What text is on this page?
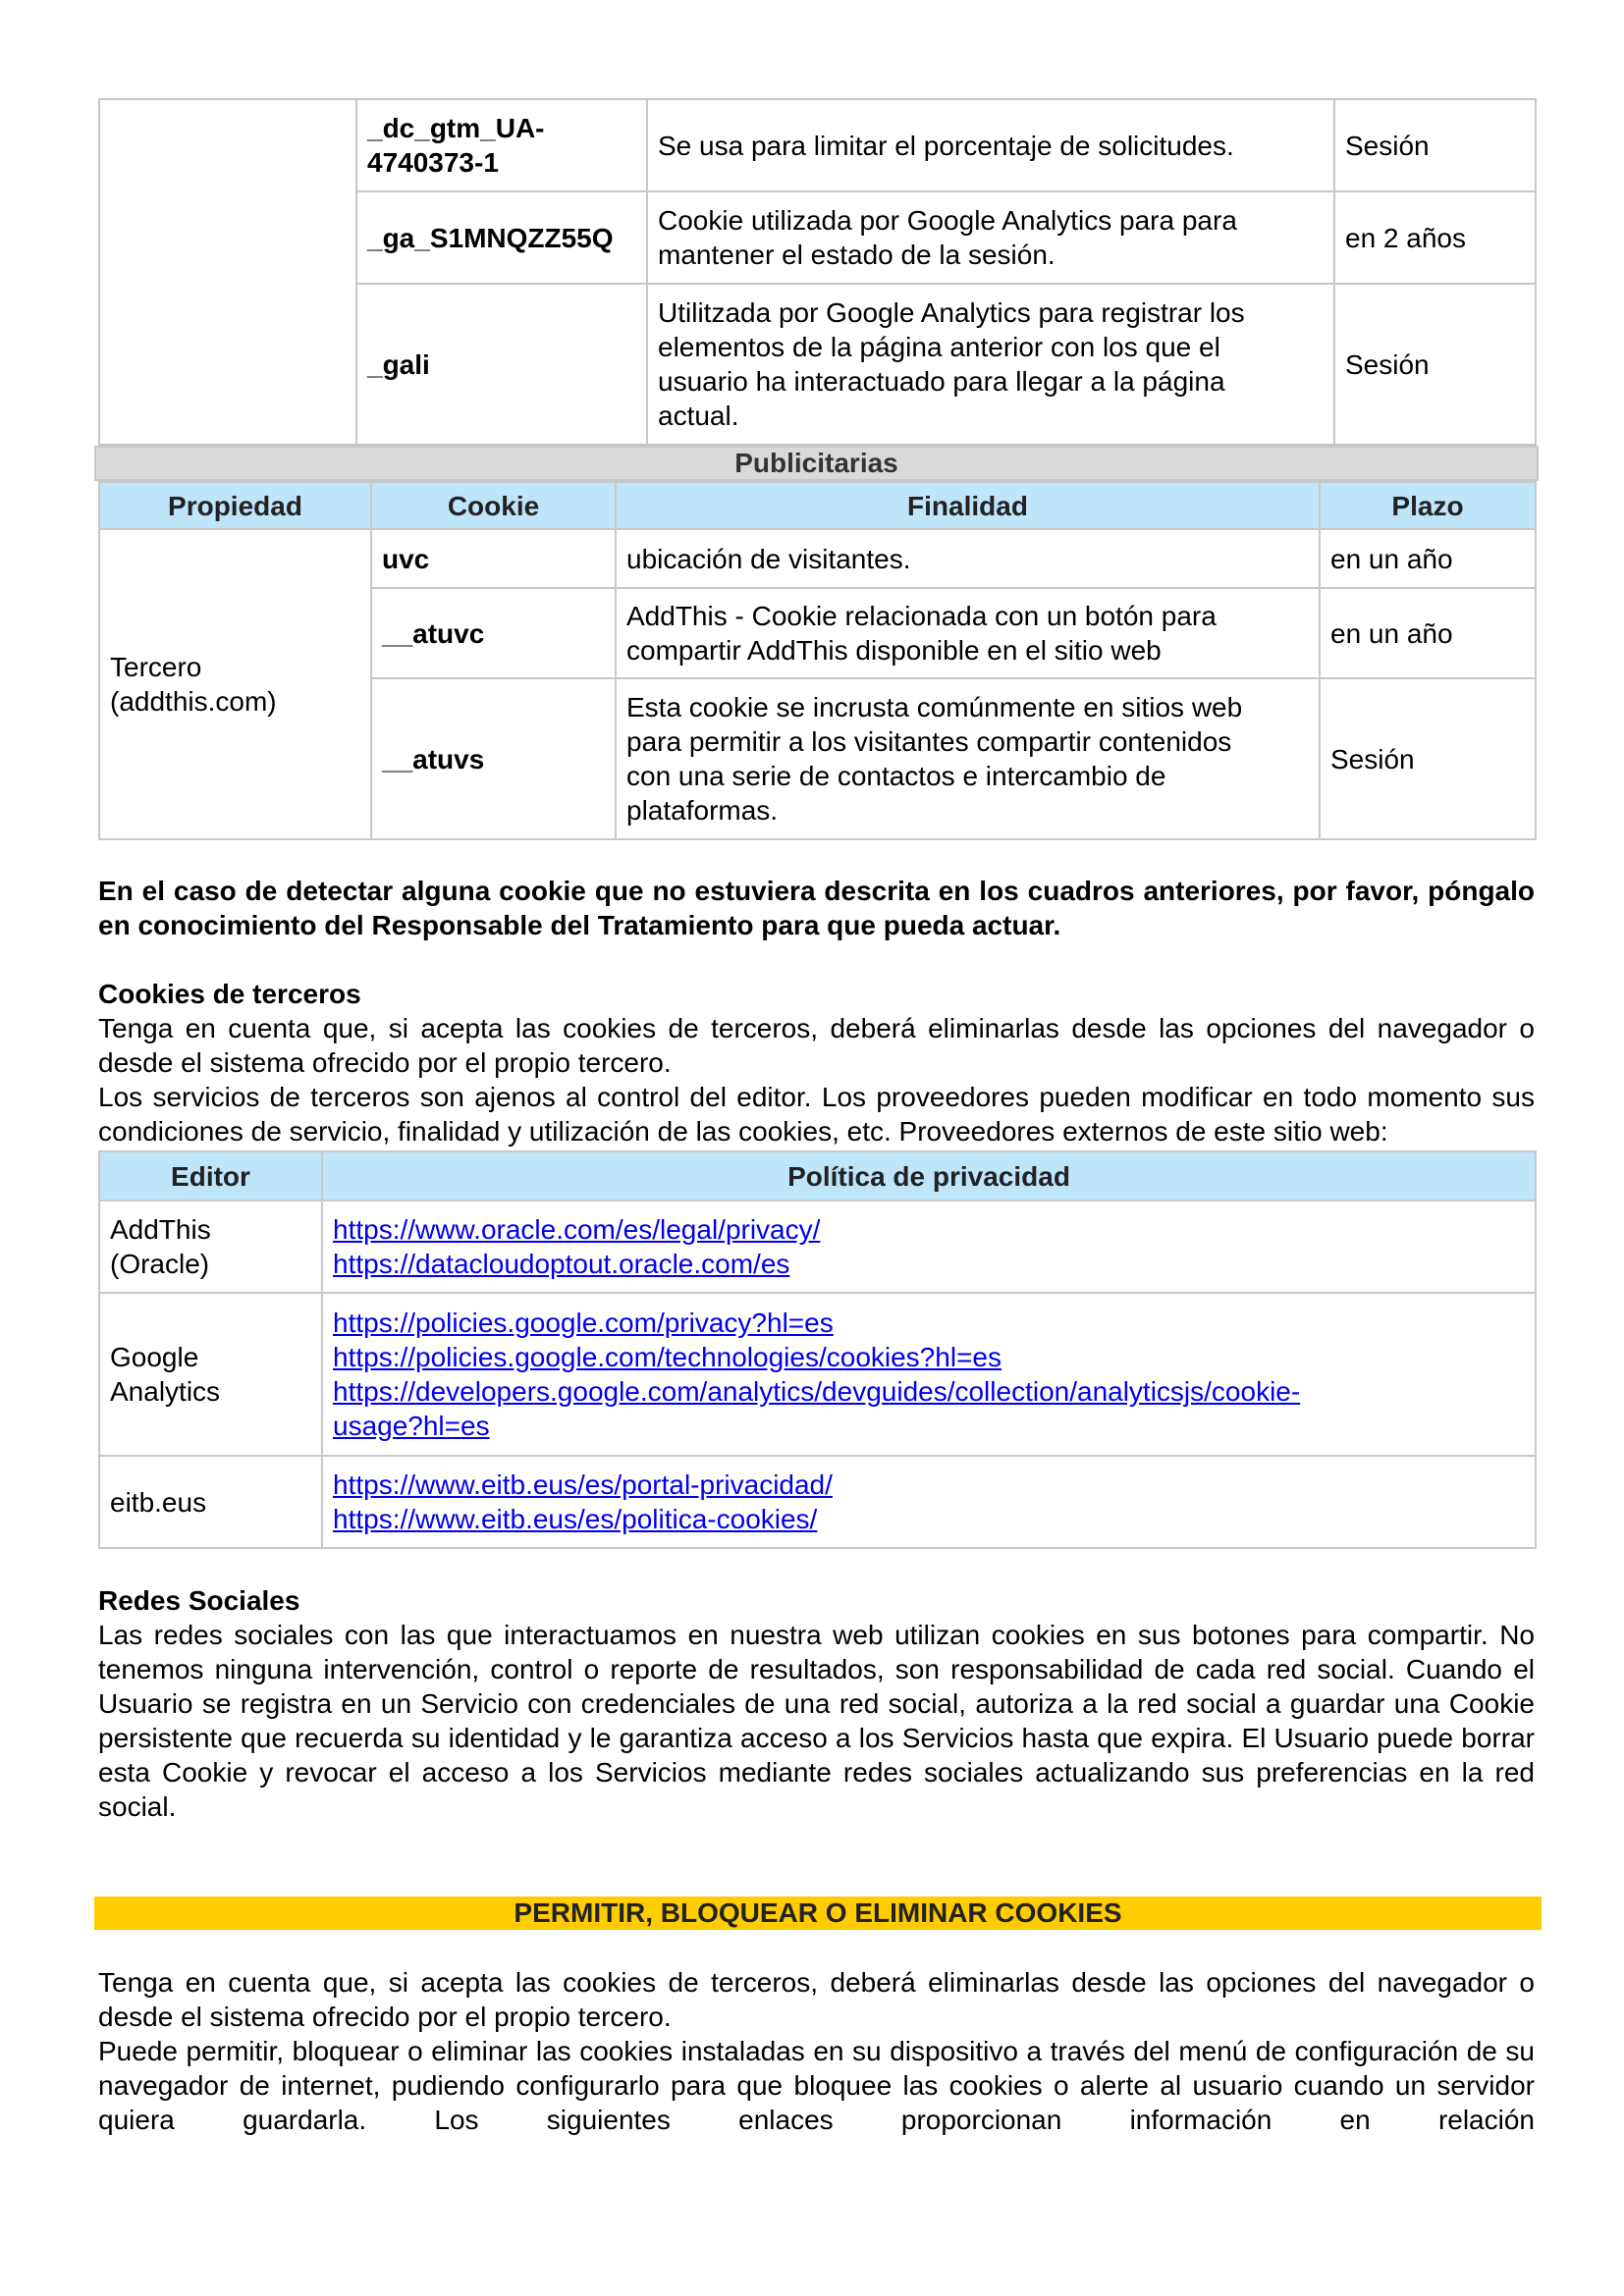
	_dc_gtm_UA-
4740373-1	Se usa para limitar el porcentaje de solicitudes.	Sesión
	_ga_S1MNQZZ55Q	Cookie utilizada por Google Analytics para para
mantener el estado de la sesión.	en 2 años
	_gali	Utilitzada por Google Analytics para registrar los
elementos de la página anterior con los que el
usuario ha interactuado para llegar a la página
actual.	Sesión
Publicitarias
Propiedad	Cookie	Finalidad	Plazo
Tercero
(addthis.com)	uvc	ubicación de visitantes.	en un año
	__atuvc	AddThis - Cookie relacionada con un botón para
compartir AddThis disponible en el sitio web	en un año
	__atuvs	Esta cookie se incrusta comúnmente en sitios web
para permitir a los visitantes compartir contenidos
con una serie de contactos e intercambio de
plataformas.	Sesión

En el caso de detectar alguna cookie que no estuviera descrita en los cuadros anteriores, por favor, póngalo en conocimiento del Responsable del Tratamiento para que pueda actuar.

Cookies de terceros

Tenga en cuenta que, si acepta las cookies de terceros, deberá eliminarlas desde las opciones del navegador o desde el sistema ofrecido por el propio tercero.

Los servicios de terceros son ajenos al control del editor. Los proveedores pueden modificar en todo momento sus condiciones de servicio, finalidad y utilización de las cookies, etc. Proveedores externos de este sitio web:

Editor	Política de privacidad
AddThis
(Oracle)	https://www.oracle.com/es/legal/privacy/
https://datacloudoptout.oracle.com/es
Google
Analytics	https://policies.google.com/privacy?hl=es
https://policies.google.com/technologies/cookies?hl=es
https://developers.google.com/analytics/devguides/collection/analyticsjs/cookie-
usage?hl=es
eitb.eus	https://www.eitb.eus/es/portal-privacidad/
https://www.eitb.eus/es/politica-cookies/

Redes Sociales

Las redes sociales con las que interactuamos en nuestra web utilizan cookies en sus botones para compartir. No tenemos ninguna intervención, control o reporte de resultados, son responsabilidad de cada red social. Cuando el Usuario se registra en un Servicio con credenciales de una red social, autoriza a la red social a guardar una Cookie persistente que recuerda su identidad y le garantiza acceso a los Servicios hasta que expira. El Usuario puede borrar esta Cookie y revocar el acceso a los Servicios mediante redes sociales actualizando sus preferencias en la red social.

PERMITIR, BLOQUEAR O ELIMINAR COOKIES

Tenga en cuenta que, si acepta las cookies de terceros, deberá eliminarlas desde las opciones del navegador o desde el sistema ofrecido por el propio tercero.

Puede permitir, bloquear o eliminar las cookies instaladas en su dispositivo a través del menú de configuración de su navegador de internet, pudiendo configurarlo para que bloquee las cookies o alerte al usuario cuando un servidor quiera guardarla. Los siguientes enlaces proporcionan información en relación
